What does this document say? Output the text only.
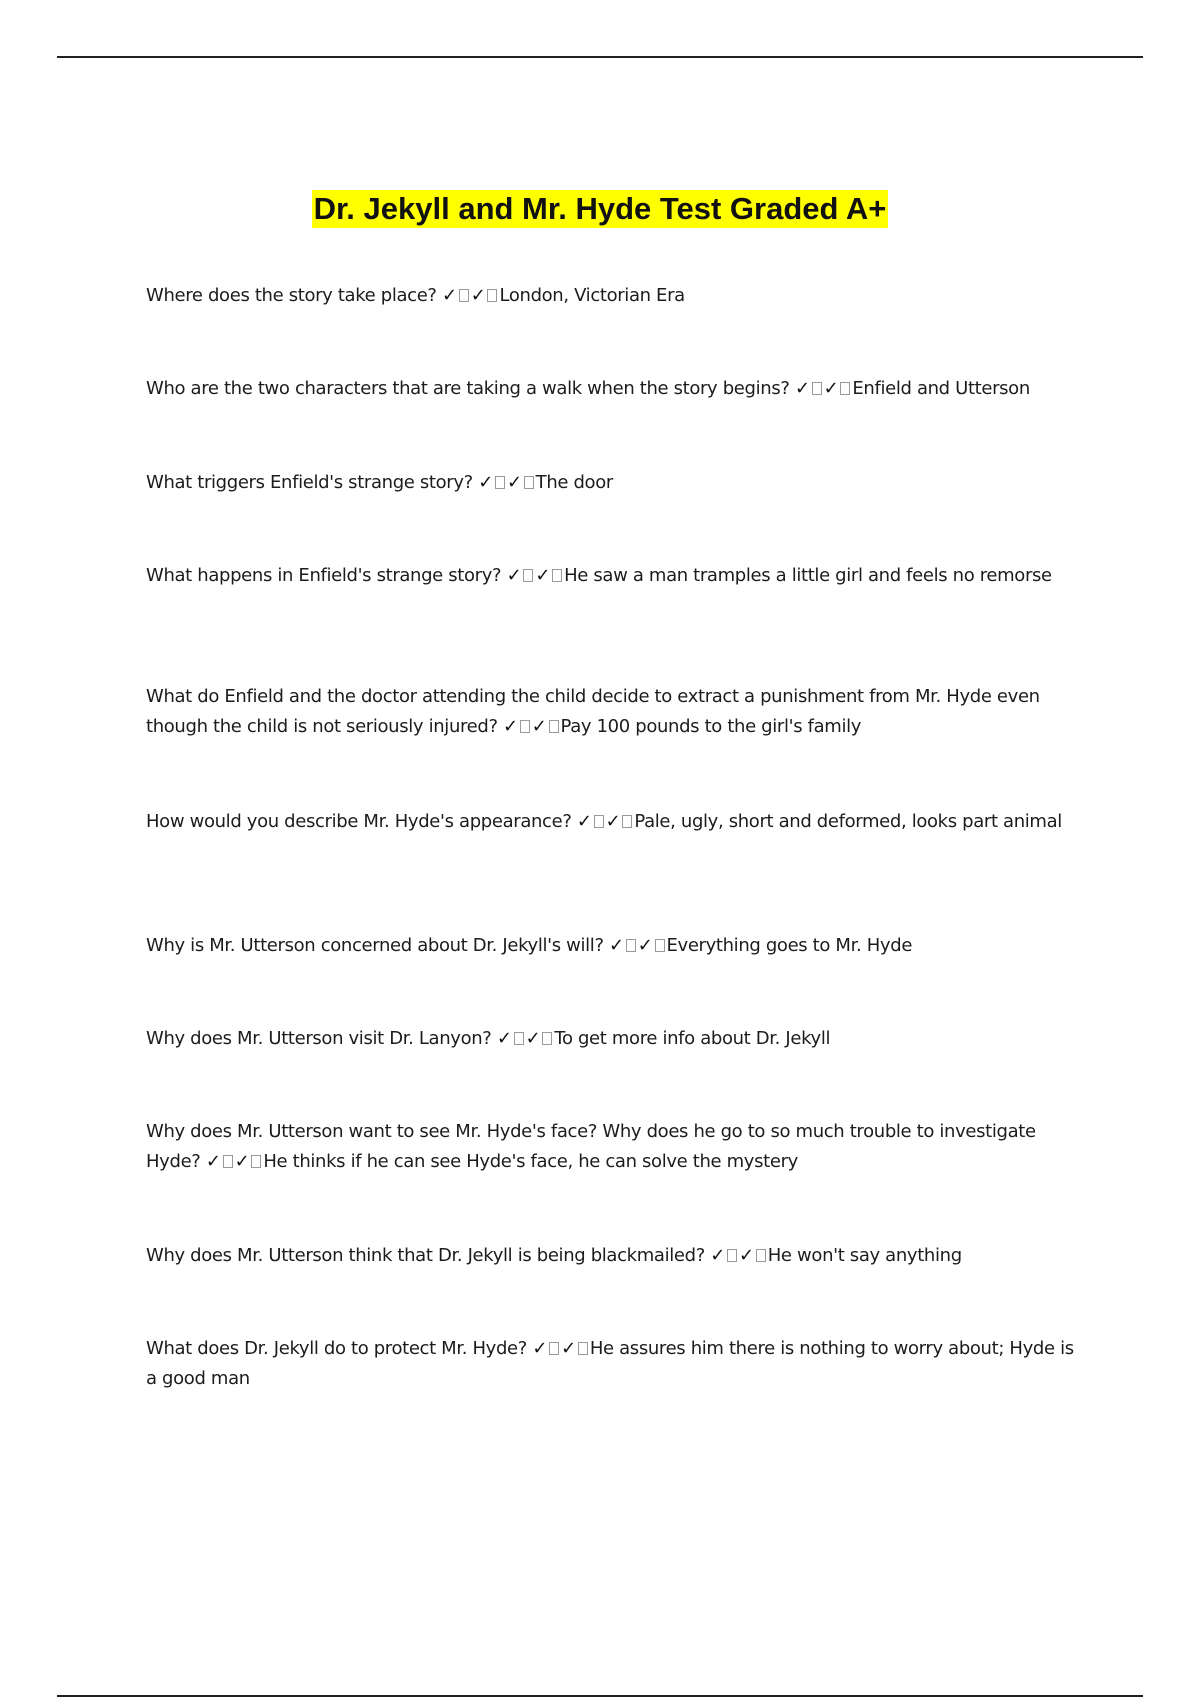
Dr. Jekyll and Mr. Hyde Test Graded A+
Where does the story take place? ✓ ✓ London, Victorian Era
Who are the two characters that are taking a walk when the story begins? ✓ ✓ Enfield and Utterson
What triggers Enfield's strange story? ✓ ✓ The door
What happens in Enfield's strange story? ✓ ✓ He saw a man tramples a little girl and feels no remorse
What do Enfield and the doctor attending the child decide to extract a punishment from Mr. Hyde even though the child is not seriously injured? ✓ ✓ Pay 100 pounds to the girl's family
How would you describe Mr. Hyde's appearance? ✓ ✓ Pale, ugly, short and deformed, looks part animal
Why is Mr. Utterson concerned about Dr. Jekyll's will? ✓ ✓ Everything goes to Mr. Hyde
Why does Mr. Utterson visit Dr. Lanyon? ✓ ✓ To get more info about Dr. Jekyll
Why does Mr. Utterson want to see Mr. Hyde's face? Why does he go to so much trouble to investigate Hyde? ✓ ✓ He thinks if he can see Hyde's face, he can solve the mystery
Why does Mr. Utterson think that Dr. Jekyll is being blackmailed? ✓ ✓ He won't say anything
What does Dr. Jekyll do to protect Mr. Hyde? ✓ ✓ He assures him there is nothing to worry about; Hyde is a good man
